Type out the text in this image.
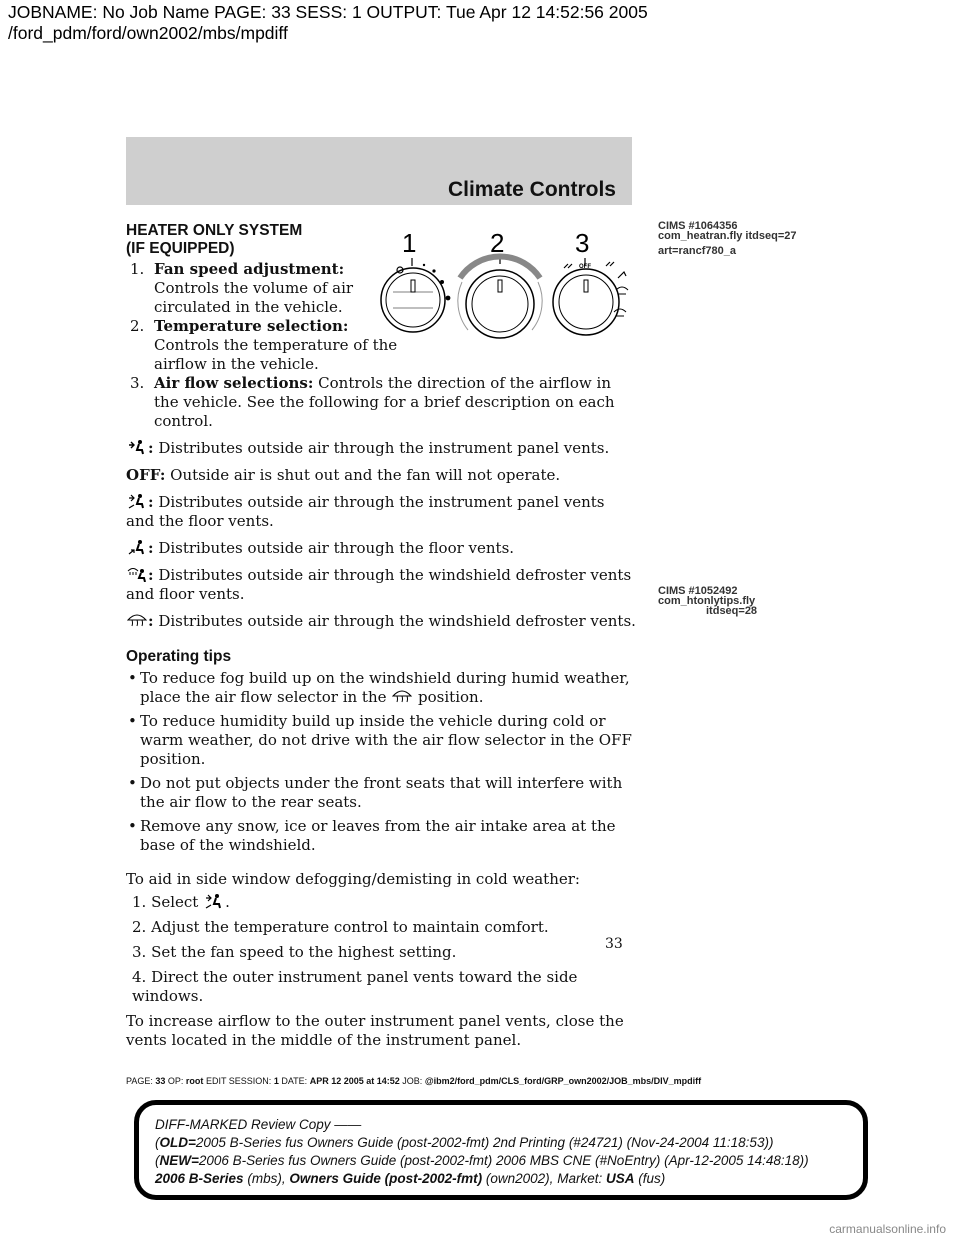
JOBNAME: No Job Name PAGE: 33 SESS: 1 OUTPUT: Tue Apr 12 14:52:56 2005
/ford_pdm/ford/own2002/mbs/mpdiff
Climate Controls
1	2	3
OFF
HEATER ONLY SYSTEM
(IF EQUIPPED)
1. Fan speed adjustment: Controls the volume of air circulated in the vehicle.
2. Temperature selection: Controls the temperature of the airflow in the vehicle.
3. Air flow selections: Controls the direction of the airflow in the vehicle. See the following for a brief description on each control.

: Distributes outside air through the instrument panel vents.

OFF: Outside air is shut out and the fan will not operate.

: Distributes outside air through the instrument panel vents and the floor vents.

: Distributes outside air through the floor vents.

: Distributes outside air through the windshield defroster vents and floor vents.

: Distributes outside air through the windshield defroster vents.

Operating tips
• To reduce fog build up on the windshield during humid weather, place the air flow selector in the position.
• To reduce humidity build up inside the vehicle during cold or warm weather, do not drive with the air flow selector in the OFF position.
• Do not put objects under the front seats that will interfere with the air flow to the rear seats.
• Remove any snow, ice or leaves from the air intake area at the base of the windshield.

To aid in side window defogging/demisting in cold weather:

1. Select .
2. Adjust the temperature control to maintain comfort.
3. Set the fan speed to the highest setting.
4. Direct the outer instrument panel vents toward the side windows.

To increase airflow to the outer instrument panel vents, close the vents located in the middle of the instrument panel.

CIMS #1064356
com_heatran.fly itdseq=27
art=rancf780_a
CIMS #1052492
com_htonlytips.fly
itdseq=28
33
PAGE: 33 OP: root EDIT SESSION: 1 DATE: APR 12 2005 at 14:52 JOB: @ibm2/ford_pdm/CLS_ford/GRP_own2002/JOB_mbs/DIV_mpdiff
DIFF-MARKED Review Copy ——
(OLD=2005 B-Series fus Owners Guide (post-2002-fmt) 2nd Printing (#24721) (Nov-24-2004 11:18:53))
(NEW=2006 B-Series fus Owners Guide (post-2002-fmt) 2006 MBS CNE (#NoEntry) (Apr-12-2005 14:48:18))
2006 B-Series (mbs), Owners Guide (post-2002-fmt) (own2002), Market: USA (fus)
carmanualsonline.info
